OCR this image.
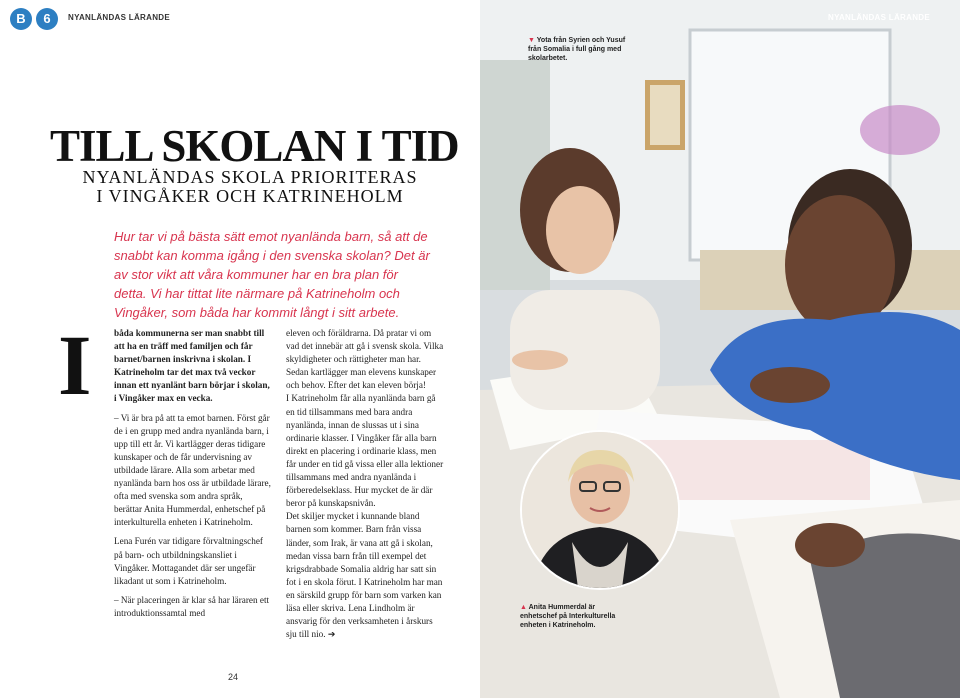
B	6	NYANLÄNDAS LÄRANDE
TILL SKOLAN I TID
NYANLÄNDAS SKOLA PRIORITERAS
I VINGÅKER OCH KATRINEHOLM
Hur tar vi på bästa sätt emot nyanlända barn, så att de snabbt kan komma igång i den svenska skolan? Det är av stor vikt att våra kommuner har en bra plan för detta. Vi har tittat lite närmare på Katrineholm och Vingåker, som båda har kommit långt i sitt arbete.
I båda kommunerna ser man snabbt till att ha en träff med familjen och får barnet/barnen inskrivna i skolan. I Katrineholm tar det max två veckor innan ett nyanlänt barn börjar i skolan, i Vingåker max en vecka.

– Vi är bra på att ta emot barnen. Först går de i en grupp med andra nyanlända barn, i upp till ett år. Vi kartlägger deras tidigare kunskaper och de får undervisning av utbildade lärare. Alla som arbetar med nyanlända barn hos oss är utbildade lärare, ofta med svenska som andra språk, berättar Anita Hummerdal, enhetschef på interkulturella enheten i Katrineholm.

Lena Furén var tidigare förvaltningschef på barn- och utbildningskansliet i Vingåker. Mottagandet där ser ungefär likadant ut som i Katrineholm.

– När placeringen är klar så har läraren ett introduktionssamtal med

eleven och föräldrarna. Då pratar vi om vad det innebär att gå i svensk skola. Vilka skyldigheter och rättigheter man har. Sedan kartlägger man elevens kunskaper och behov. Efter det kan eleven börja!

I Katrineholm får alla nyanlända barn gå en tid tillsammans med bara andra nyanlända, innan de slussas ut i sina ordinarie klasser. I Vingåker får alla barn direkt en placering i ordinarie klass, men får under en tid gå vissa eller alla lektioner tillsammans med andra nyanlända i förberedelseklass. Hur mycket de är där beror på kunskapsnivån.

Det skiljer mycket i kunnande bland barnen som kommer. Barn från vissa länder, som Irak, är vana att gå i skolan, medan vissa barn från till exempel det krigsdrabbade Somalia aldrig har satt sin fot i en skola förut. I Katrineholm har man en särskild grupp för barn som varken kan läsa eller skriva. Lena Lindholm är ansvarig för den verksamheten i årskurs sju till nio. ➔

24
NYANLÄNDAS LÄRANDE
▼ Yota från Syrien och Yusuf från Somalia i full gång med skolarbetet.
▲ Anita Hummerdal är enhetschef på Interkulturella enheten i Katrineholm.
